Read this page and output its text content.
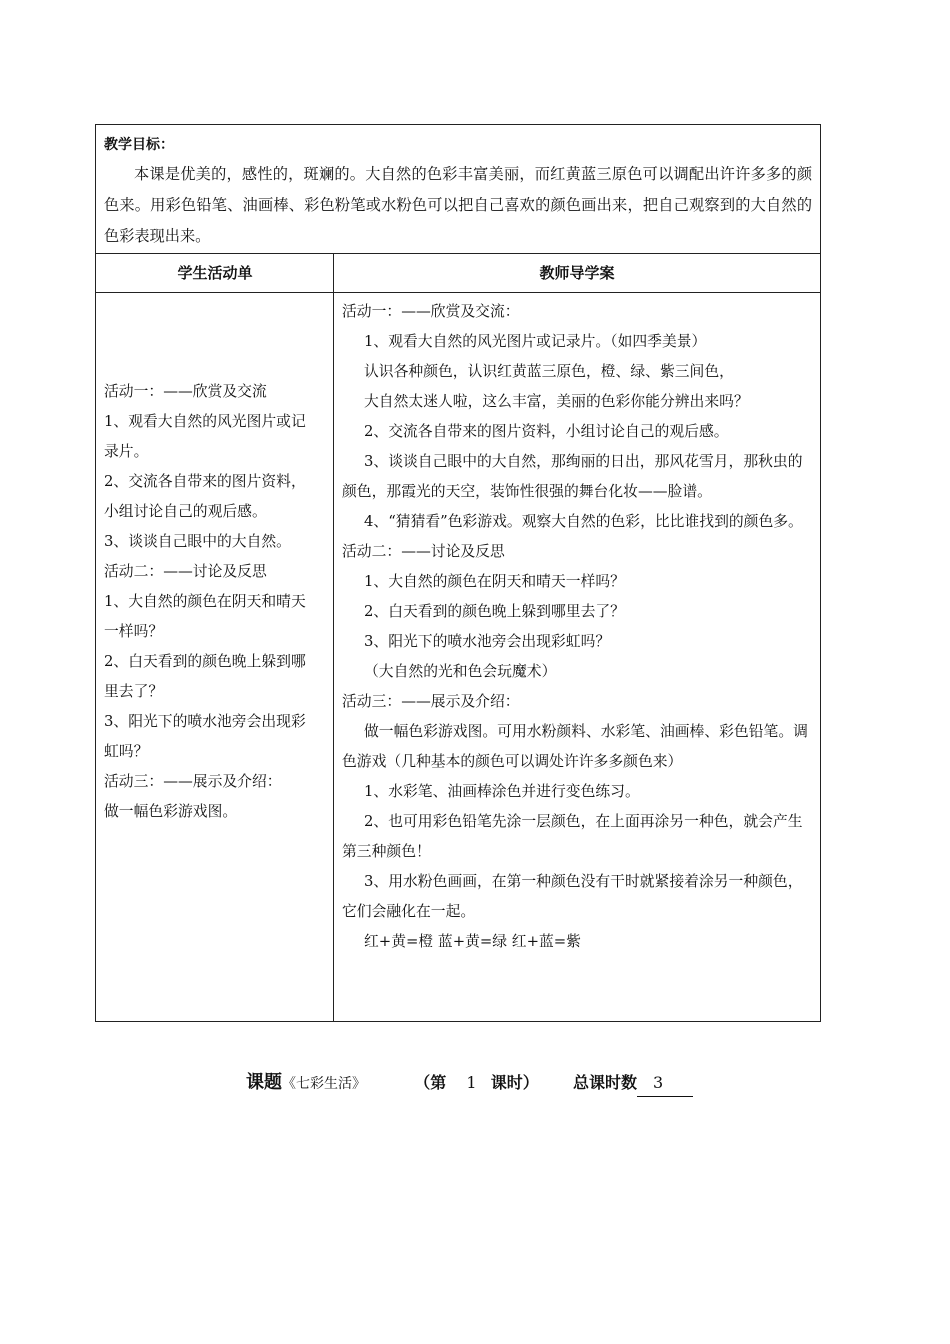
教学目标：
本课是优美的，感性的，斑斓的。大自然的色彩丰富美丽，而红黄蓝三原色可以调配出许许多多的颜色来。用彩色铅笔、油画棒、彩色粉笔或水粉色可以把自己喜欢的颜色画出来，把自己观察到的大自然的色彩表现出来。
学生活动单	教师导学案
活动一：——欣赏及交流
1、观看大自然的风光图片或记
录片。
2、交流各自带来的图片资料，
小组讨论自己的观后感。
3、谈谈自己眼中的大自然。
活动二：——讨论及反思
1、大自然的颜色在阴天和晴天
一样吗？
2、白天看到的颜色晚上躲到哪
里去了？
3、阳光下的喷水池旁会出现彩
虹吗？
活动三：——展示及介绍：
做一幅色彩游戏图。
活动一：——欣赏及交流：
1、观看大自然的风光图片或记录片。（如四季美景）
认识各种颜色，认识红黄蓝三原色，橙、绿、紫三间色，
大自然太迷人啦，这么丰富，美丽的色彩你能分辨出来吗？
2、交流各自带来的图片资料，小组讨论自己的观后感。
3、谈谈自己眼中的大自然，那绚丽的日出，那风花雪月，那秋虫的颜色，那霞光的天空，装饰性很强的舞台化妆——脸谱。
4、“猜猜看”色彩游戏。观察大自然的色彩，比比谁找到的颜色多。
活动二：——讨论及反思
1、大自然的颜色在阴天和晴天一样吗？
2、白天看到的颜色晚上躲到哪里去了？
3、阳光下的喷水池旁会出现彩虹吗？
（大自然的光和色会玩魔术）
活动三：——展示及介绍：
做一幅色彩游戏图。可用水粉颜料、水彩笔、油画棒、彩色铅笔。调色游戏（几种基本的颜色可以调处许许多多颜色来）
1、水彩笔、油画棒涂色并进行变色练习。
2、也可用彩色铅笔先涂一层颜色，在上面再涂另一种色，就会产生第三种颜色！
3、用水粉色画画，在第一种颜色没有干时就紧接着涂另一种颜色，它们会融化在一起。
红+黄=橙 蓝+黄=绿 红+蓝=紫
课题《七彩生活》	（第 1 课时） 总课时数 3
